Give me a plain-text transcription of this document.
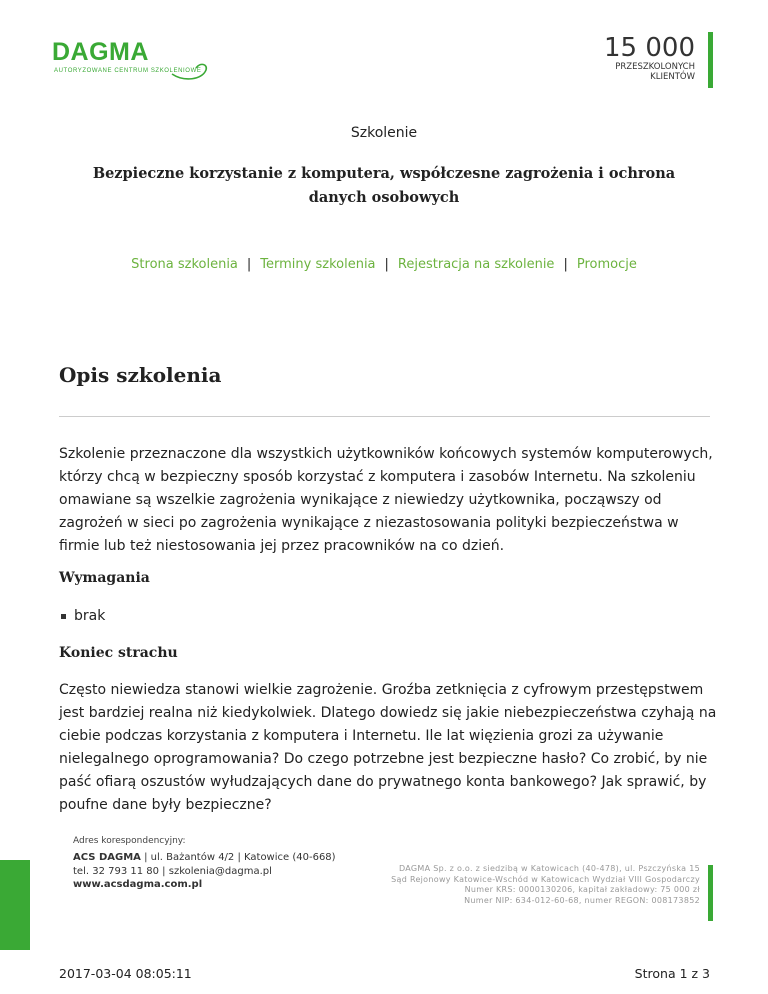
DAGMA
AUTORYZOWANE CENTRUM SZKOLENIOWE
15 000
PRZESZKOLONYCH
KLIENTÓW
Szkolenie
Bezpieczne korzystanie z komputera, współczesne zagrożenia i ochrona danych osobowych
Strona szkolenia | Terminy szkolenia | Rejestracja na szkolenie | Promocje
Opis szkolenia
Szkolenie przeznaczone dla wszystkich użytkowników końcowych systemów komputerowych, którzy chcą w bezpieczny sposób korzystać z komputera i zasobów Internetu. Na szkoleniu omawiane są wszelkie zagrożenia wynikające z niewiedzy użytkownika, począwszy od zagrożeń w sieci po zagrożenia wynikające z niezastosowania polityki bezpieczeństwa w firmie lub też niestosowania jej przez pracowników na co dzień.
Wymagania
brak
Koniec strachu
Często niewiedza stanowi wielkie zagrożenie. Groźba zetknięcia z cyfrowym przestępstwem jest bardziej realna niż kiedykolwiek. Dlatego dowiedz się jakie niebezpieczeństwa czyhają na ciebie podczas korzystania z komputera i Internetu. Ile lat więzienia grozi za używanie nielegalnego oprogramowania? Do czego potrzebne jest bezpieczne hasło? Co zrobić, by nie paść ofiarą oszustów wyłudzających dane do prywatnego konta bankowego? Jak sprawić, by poufne dane były bezpieczne?
Adres korespondencyjny:
ACS DAGMA | ul. Bażantów 4/2 | Katowice (40-668)
tel. 32 793 11 80 | szkolenia@dagma.pl
www.acsdagma.com.pl
DAGMA Sp. z o.o. z siedzibą w Katowicach (40-478), ul. Pszczyńska 15
Sąd Rejonowy Katowice-Wschód w Katowicach Wydział VIII Gospodarczy
Numer KRS: 0000130206, kapitał zakładowy: 75 000 zł
Numer NIP: 634-012-60-68, numer REGON: 008173852
2017-03-04 08:05:11	Strona 1 z 3
